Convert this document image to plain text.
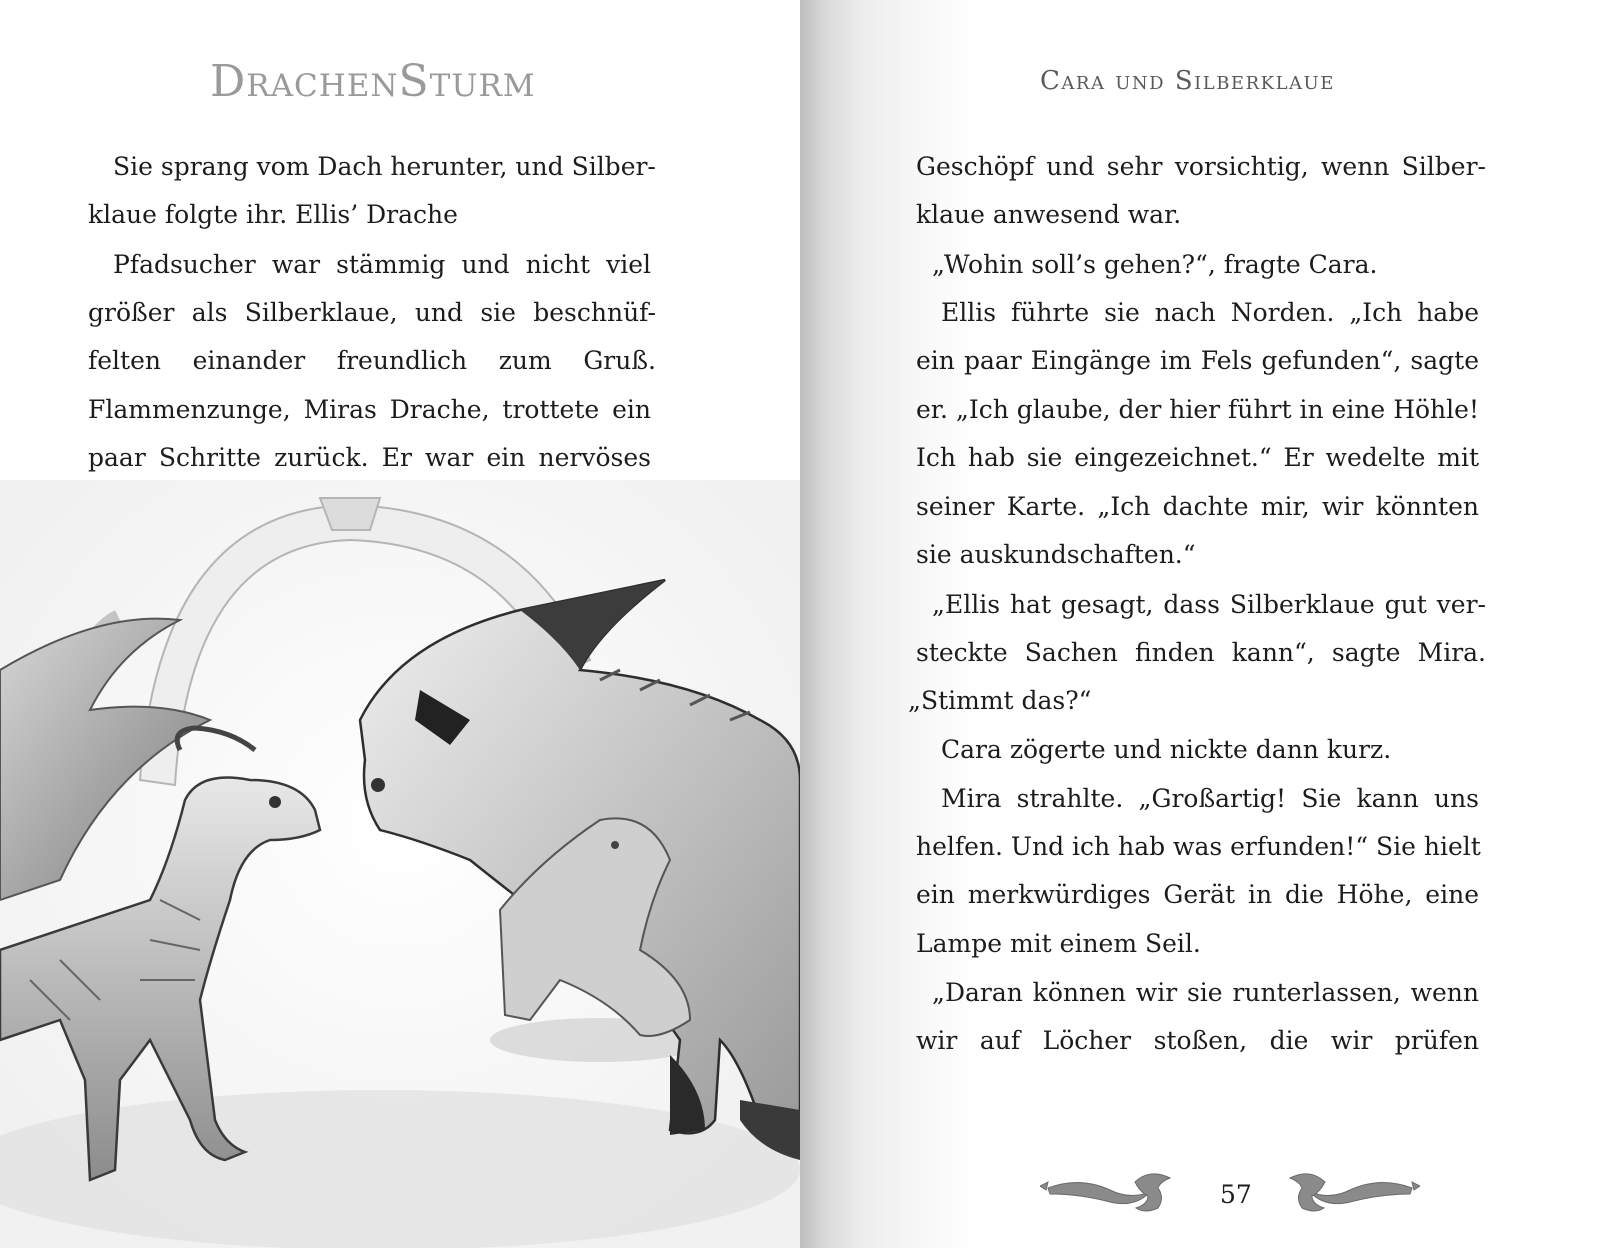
DrachenSturm
Sie sprang vom Dach herunter, und Silber-
klaue folgte ihr. Ellis’ Drache
Pfadsucher war stämmig und nicht viel
größer als Silberklaue, und sie beschnüf-
felten einander freundlich zum Gruß.
Flammenzunge, Miras Drache, trottete ein
paar Schritte zurück. Er war ein nervöses
Cara und Silberklaue
Geschöpf und sehr vorsichtig, wenn Silber-
klaue anwesend war.
„Wohin soll’s gehen?“, fragte Cara.
Ellis führte sie nach Norden. „Ich habe
ein paar Eingänge im Fels gefunden“, sagte
er. „Ich glaube, der hier führt in eine Höhle!
Ich hab sie eingezeichnet.“ Er wedelte mit
seiner Karte. „Ich dachte mir, wir könnten
sie auskundschaften.“
„Ellis hat gesagt, dass Silberklaue gut ver-
steckte Sachen finden kann“, sagte Mira.
„Stimmt das?“
Cara zögerte und nickte dann kurz.
Mira strahlte. „Großartig! Sie kann uns
helfen. Und ich hab was erfunden!“ Sie hielt
ein merkwürdiges Gerät in die Höhe, eine
Lampe mit einem Seil.
„Daran können wir sie runterlassen, wenn
wir auf Löcher stoßen, die wir prüfen
57
